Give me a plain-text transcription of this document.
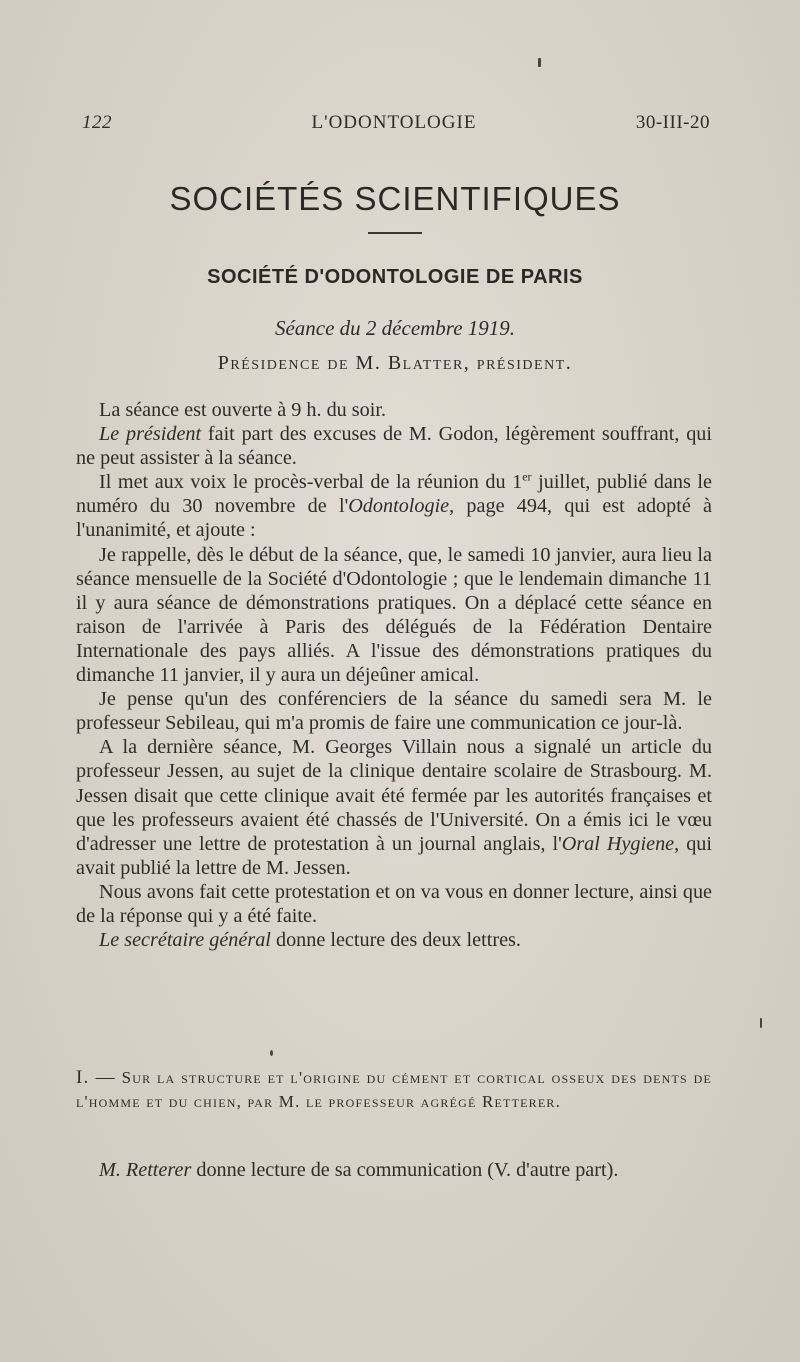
122	L'ODONTOLOGIE	30-III-20
SOCIÉTÉS SCIENTIFIQUES
SOCIÉTÉ D'ODONTOLOGIE DE PARIS
Séance du 2 décembre 1919.
Présidence de M. Blatter, président.

La séance est ouverte à 9 h. du soir.

Le président fait part des excuses de M. Godon, légèrement souffrant, qui ne peut assister à la séance.

Il met aux voix le procès-verbal de la réunion du 1er juillet, publié dans le numéro du 30 novembre de l'Odontologie, page 494, qui est adopté à l'unanimité, et ajoute :

Je rappelle, dès le début de la séance, que, le samedi 10 janvier, aura lieu la séance mensuelle de la Société d'Odontologie ; que le lendemain dimanche 11 il y aura séance de démonstrations pratiques. On a déplacé cette séance en raison de l'arrivée à Paris des délégués de la Fédération Dentaire Internationale des pays alliés. A l'issue des démonstrations pratiques du dimanche 11 janvier, il y aura un déjeûner amical.

Je pense qu'un des conférenciers de la séance du samedi sera M. le professeur Sebileau, qui m'a promis de faire une communication ce jour-là.

A la dernière séance, M. Georges Villain nous a signalé un article du professeur Jessen, au sujet de la clinique dentaire scolaire de Strasbourg. M. Jessen disait que cette clinique avait été fermée par les autorités françaises et que les professeurs avaient été chassés de l'Université. On a émis ici le vœu d'adresser une lettre de protestation à un journal anglais, l'Oral Hygiene, qui avait publié la lettre de M. Jessen.

Nous avons fait cette protestation et on va vous en donner lecture, ainsi que de la réponse qui y a été faite.

Le secrétaire général donne lecture des deux lettres.

I. — Sur la structure et l'origine du cément et cortical osseux des dents de l'homme et du chien, par M. le professeur agrégé Retterer.

M. Retterer donne lecture de sa communication (V. d'autre part).
